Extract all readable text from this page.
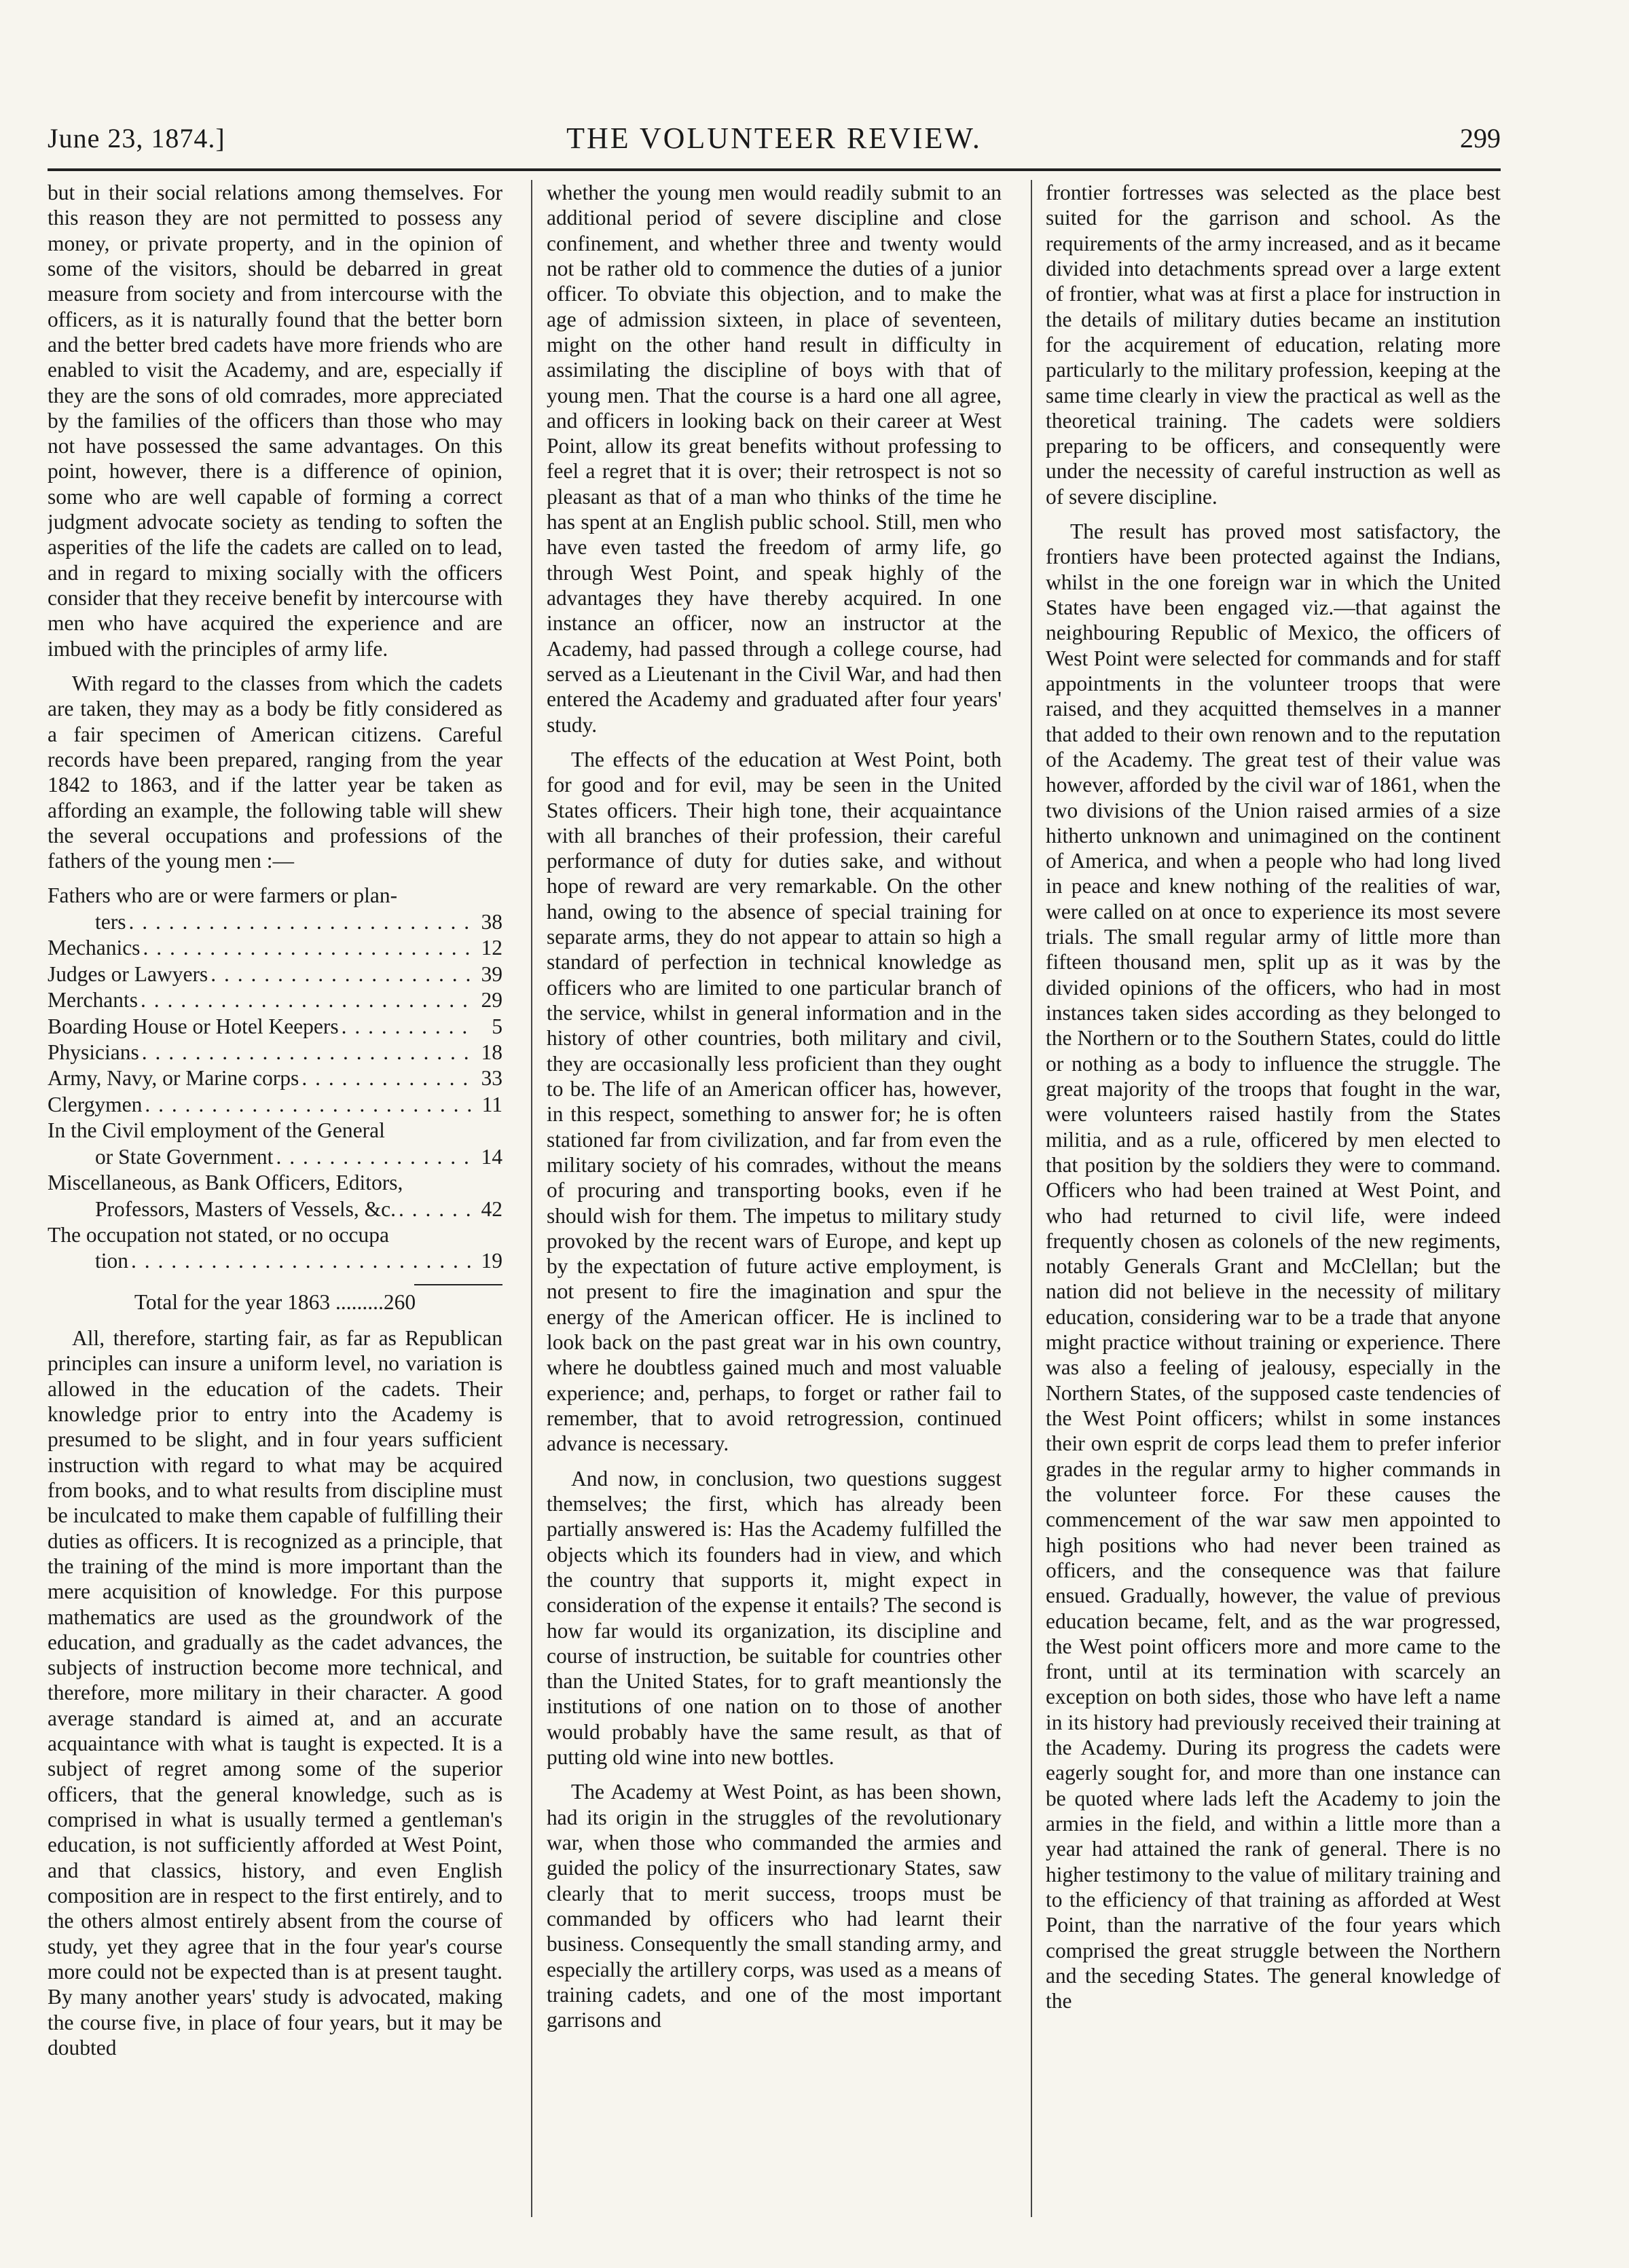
June 23, 1874.]	THE VOLUNTEER REVIEW.	299

but in their social relations among themselves. For this reason they are not permitted to possess any money, or private property, and in the opinion of some of the visitors, should be debarred in great measure from society and from intercourse with the officers, as it is naturally found that the better born and the better bred cadets have more friends who are enabled to visit the Academy, and are, especially if they are the sons of old comrades, more appreciated by the families of the officers than those who may not have possessed the same advantages. On this point, however, there is a difference of opinion, some who are well capable of forming a correct judgment advocate society as tending to soften the asperities of the life the cadets are called on to lead, and in regard to mixing socially with the officers consider that they receive benefit by intercourse with men who have acquired the experience and are imbued with the principles of army life.

With regard to the classes from which the cadets are taken, they may as a body be fitly considered as a fair specimen of American citizens. Careful records have been prepared, ranging from the year 1842 to 1863, and if the latter year be taken as affording an example, the following table will shew the several occupations and professions of the fathers of the young men :—

Fathers who are or were farmers or plan-
ters . . .	38
Mechanics . . .	12
Judges or Lawyers . . .	39
Merchants . . .	29
Boarding House or Hotel Keepers . . .	5
Physicians . . .	18
Army, Navy, or Marine corps . . .	33
Clergymen . . .	11
In the Civil employment of the General
or State Government . . .	14
Miscellaneous, as Bank Officers, Editors,
Professors, Masters of Vessels, &c. . . .	42
The occupation not stated, or no occupa
tion . . .	19
Total for the year 1863 .........260

All, therefore, starting fair, as far as Republican principles can insure a uniform level, no variation is allowed in the education of the cadets. Their knowledge prior to entry into the Academy is presumed to be slight, and in four years sufficient instruction with regard to what may be acquired from books, and to what results from discipline must be inculcated to make them capable of fulfilling their duties as officers. It is recognized as a principle, that the training of the mind is more important than the mere acquisition of knowledge. For this purpose mathematics are used as the groundwork of the education, and gradually as the cadet advances, the subjects of instruction become more technical, and therefore, more military in their character. A good average standard is aimed at, and an accurate acquaintance with what is taught is expected. It is a subject of regret among some of the superior officers, that the general knowledge, such as is comprised in what is usually termed a gentleman's education, is not sufficiently afforded at West Point, and that classics, history, and even English composition are in respect to the first entirely, and to the others almost entirely absent from the course of study, yet they agree that in the four year's course more could not be expected than is at present taught. By many another years' study is advocated, making the course five, in place of four years, but it may be doubted

whether the young men would readily submit to an additional period of severe discipline and close confinement, and whether three and twenty would not be rather old to commence the duties of a junior officer. To obviate this objection, and to make the age of admission sixteen, in place of seventeen, might on the other hand result in difficulty in assimilating the discipline of boys with that of young men. That the course is a hard one all agree, and officers in looking back on their career at West Point, allow its great benefits without professing to feel a regret that it is over; their retrospect is not so pleasant as that of a man who thinks of the time he has spent at an English public school. Still, men who have even tasted the freedom of army life, go through West Point, and speak highly of the advantages they have thereby acquired. In one instance an officer, now an instructor at the Academy, had passed through a college course, had served as a Lieutenant in the Civil War, and had then entered the Academy and graduated after four years' study.

The effects of the education at West Point, both for good and for evil, may be seen in the United States officers. Their high tone, their acquaintance with all branches of their profession, their careful performance of duty for duties sake, and without hope of reward are very remarkable. On the other hand, owing to the absence of special training for separate arms, they do not appear to attain so high a standard of perfection in technical knowledge as officers who are limited to one particular branch of the service, whilst in general information and in the history of other countries, both military and civil, they are occasionally less proficient than they ought to be. The life of an American officer has, however, in this respect, something to answer for; he is often stationed far from civilization, and far from even the military society of his comrades, without the means of procuring and transporting books, even if he should wish for them. The impetus to military study provoked by the recent wars of Europe, and kept up by the expectation of future active employment, is not present to fire the imagination and spur the energy of the American officer. He is inclined to look back on the past great war in his own country, where he doubtless gained much and most valuable experience; and, perhaps, to forget or rather fail to remember, that to avoid retrogression, continued advance is necessary.

And now, in conclusion, two questions suggest themselves; the first, which has already been partially answered is: Has the Academy fulfilled the objects which its founders had in view, and which the country that supports it, might expect in consideration of the expense it entails? The second is how far would its organization, its discipline and course of instruction, be suitable for countries other than the United States, for to graft meantionsly the institutions of one nation on to those of another would probably have the same result, as that of putting old wine into new bottles.

The Academy at West Point, as has been shown, had its origin in the struggles of the revolutionary war, when those who commanded the armies and guided the policy of the insurrectionary States, saw clearly that to merit success, troops must be commanded by officers who had learnt their business. Consequently the small standing army, and especially the artillery corps, was used as a means of training cadets, and one of the most important garrisons and

frontier fortresses was selected as the place best suited for the garrison and school. As the requirements of the army increased, and as it became divided into detachments spread over a large extent of frontier, what was at first a place for instruction in the details of military duties became an institution for the acquirement of education, relating more particularly to the military profession, keeping at the same time clearly in view the practical as well as the theoretical training. The cadets were soldiers preparing to be officers, and consequently were under the necessity of careful instruction as well as of severe discipline.

The result has proved most satisfactory, the frontiers have been protected against the Indians, whilst in the one foreign war in which the United States have been engaged viz.—that against the neighbouring Republic of Mexico, the officers of West Point were selected for commands and for staff appointments in the volunteer troops that were raised, and they acquitted themselves in a manner that added to their own renown and to the reputation of the Academy. The great test of their value was however, afforded by the civil war of 1861, when the two divisions of the Union raised armies of a size hitherto unknown and unimagined on the continent of America, and when a people who had long lived in peace and knew nothing of the realities of war, were called on at once to experience its most severe trials. The small regular army of little more than fifteen thousand men, split up as it was by the divided opinions of the officers, who had in most instances taken sides according as they belonged to the Northern or to the Southern States, could do little or nothing as a body to influence the struggle. The great majority of the troops that fought in the war, were volunteers raised hastily from the States militia, and as a rule, officered by men elected to that position by the soldiers they were to command. Officers who had been trained at West Point, and who had returned to civil life, were indeed frequently chosen as colonels of the new regiments, notably Generals Grant and McClellan; but the nation did not believe in the necessity of military education, considering war to be a trade that anyone might practice without training or experience. There was also a feeling of jealousy, especially in the Northern States, of the supposed caste tendencies of the West Point officers; whilst in some instances their own esprit de corps lead them to prefer inferior grades in the regular army to higher commands in the volunteer force. For these causes the commencement of the war saw men appointed to high positions who had never been trained as officers, and the consequence was that failure ensued. Gradually, however, the value of previous education became, felt, and as the war progressed, the West point officers more and more came to the front, until at its termination with scarcely an exception on both sides, those who have left a name in its history had previously received their training at the Academy. During its progress the cadets were eagerly sought for, and more than one instance can be quoted where lads left the Academy to join the armies in the field, and within a little more than a year had attained the rank of general. There is no higher testimony to the value of military training and to the efficiency of that training as afforded at West Point, than the narrative of the four years which comprised the great struggle between the Northern and the seceding States. The general knowledge of the
